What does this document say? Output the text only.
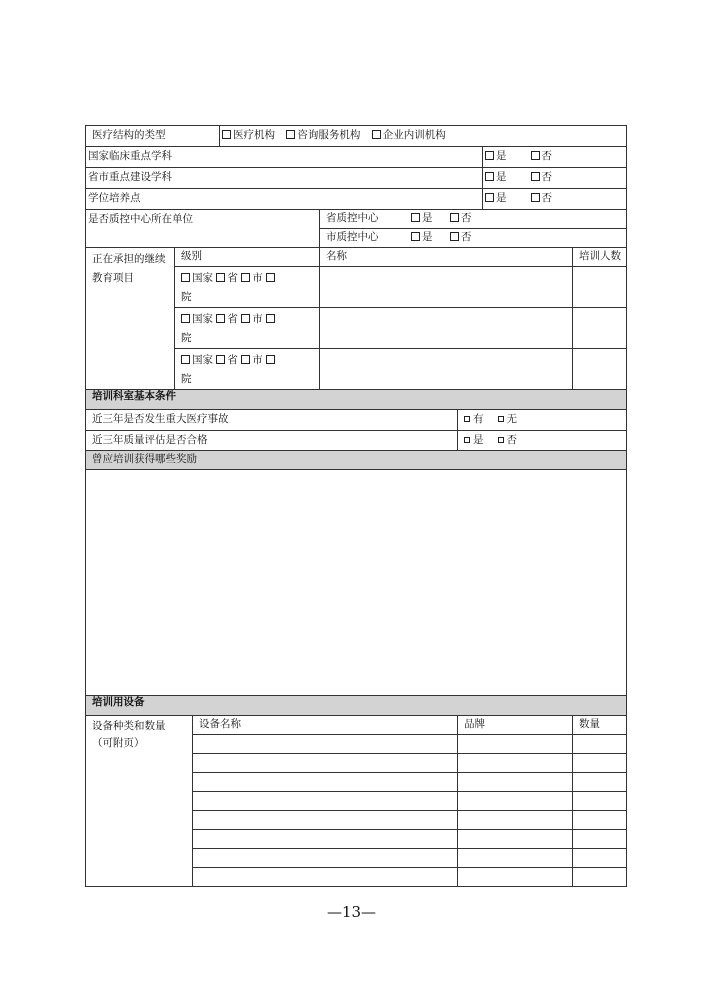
医疗结构的类型			医疗机构 咨询服务机构 企业内训机构				
国家临床重点学科						是 否	
省市重点建设学科						是 否	
学位培养点						是 否	
是否质控中心所在单位				省质控中心 是 否			
				市质控中心 是 否			
正在承担的继续教育项目	级别			名称			培训人数
	国家 省 市
院						
	国家 省 市
院						
	国家 省 市
院						
培训科室基本条件							
近三年是否发生重大医疗事故					有 无		
近三年质量评估是否合格					是 否		
曾应培训获得哪些奖励							

培训用设备							
设备种类和数量（可附页）		设备名称			品牌		数量

—13—
